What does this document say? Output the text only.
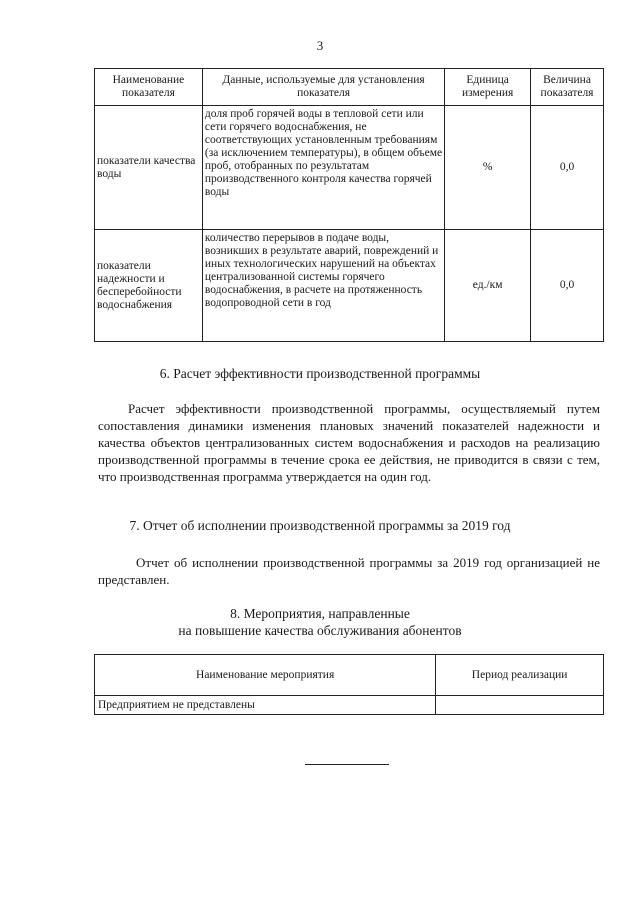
3
Наименование показателя	Данные, используемые для установления показателя	Единица измерения	Величина показателя
показатели качества воды	доля проб горячей воды в тепловой сети или сети горячего водоснабжения, не соответствующих установленным требованиям (за исключением температуры), в общем объеме проб, отобранных по результатам производственного контроля качества горячей воды	%	0,0
показатели надежности и бесперебойности водоснабжения	количество перерывов в подаче воды, возникших в результате аварий, повреждений и иных технологических нарушений на объектах централизованной системы горячего водоснабжения, в расчете на протяженность водопроводной сети в год	ед./км	0,0
6. Расчет эффективности производственной программы

Расчет эффективности производственной программы, осуществляемый путем сопоставления динамики изменения плановых значений показателей надежности и качества объектов централизованных систем водоснабжения и расходов на реализацию производственной программы в течение срока ее действия, не приводится в связи с тем, что производственная программа утверждается на один год.

7. Отчет об исполнении производственной программы за 2019 год

Отчет об исполнении производственной программы за 2019 год организацией не представлен.

8. Мероприятия, направленные
на повышение качества обслуживания абонентов
Наименование мероприятия	Период реализации
Предприятием не представлены	
